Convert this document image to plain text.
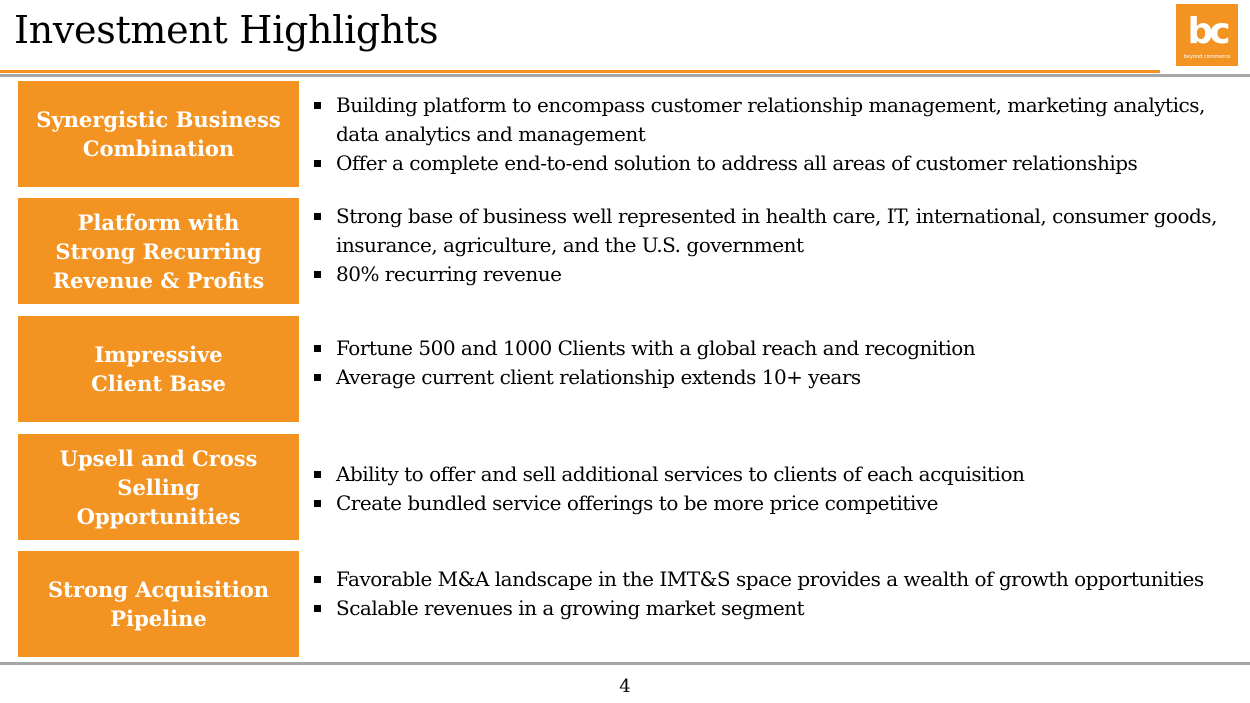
Investment Highlights	bc
beyond commerce
Synergistic Business
Combination
Building platform to encompass customer relationship management, marketing analytics, data analytics and management
Offer a complete end-to-end solution to address all areas of customer relationships
Platform with
Strong Recurring
Revenue & Profits
Strong base of business well represented in health care, IT, international, consumer goods, insurance, agriculture, and the U.S. government
80% recurring revenue
Impressive
Client Base
Fortune 500 and 1000 Clients with a global reach and recognition
Average current client relationship extends 10+ years
Upsell and Cross
Selling
Opportunities
Ability to offer and sell additional services to clients of each acquisition
Create bundled service offerings to be more price competitive
Strong Acquisition
Pipeline
Favorable M&A landscape in the IMT&S space provides a wealth of growth opportunities
Scalable revenues in a growing market segment
4
